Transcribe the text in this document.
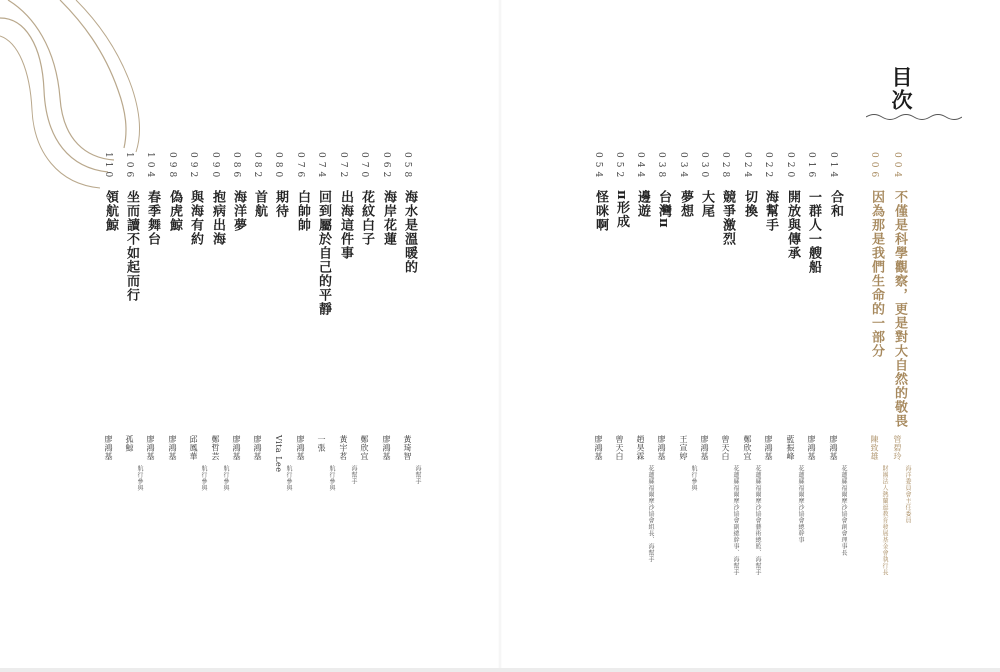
目次
004
不僅是科學觀察，更是對大自然的敬畏
管碧玲
海洋委員會主任委員
006
因為那是我們生命的一部分
陳致雄
財團法人熱蘭遮教育發展基金會執行長
014
合和
廖鴻基
花蓮縣福爾摩沙協會創會理事長
016
一群人一艘船
廖鴻基
020
開放與傳承
藍振峰
花蓮縣福爾摩沙協會總幹事
022
海幫手
廖鴻基
024
切換
鄭欣宜
花蓮縣福爾摩沙協會藝術總監、海幫手
028
競爭激烈
曾天白
花蓮縣福爾摩沙協會副總幹事、海幫手
030
大尾
廖鴻基
034
夢想
王宣婷
航行參與
038
台灣π
廖鴻基
044
邊遊
趙昊霖
花蓮縣福爾摩沙協會組長、海幫手
052
π形成
曾天白
054
怪咪啊
廖鴻基
058
海水是溫暖的
黃琦智
海幫手
062
海岸花蓮
廖鴻基
070
花紋白子
鄭欣宜
072
出海這件事
黃宇茗
海幫手
074
回到屬於自己的平靜
一張
航行參與
076
白帥帥
廖鴻基
080
期待
Vita Lee
航行參與
082
首航
廖鴻基
086
海洋夢
廖鴻基
090
抱病出海
鄭哲芸
航行參與
092
與海有約
邱鳳華
航行參與
098
偽虎鯨
廖鴻基
104
春季舞台
廖鴻基
106
坐而讀不如起而行
孤鯨
航行參與
110
領航鯨
廖鴻基
